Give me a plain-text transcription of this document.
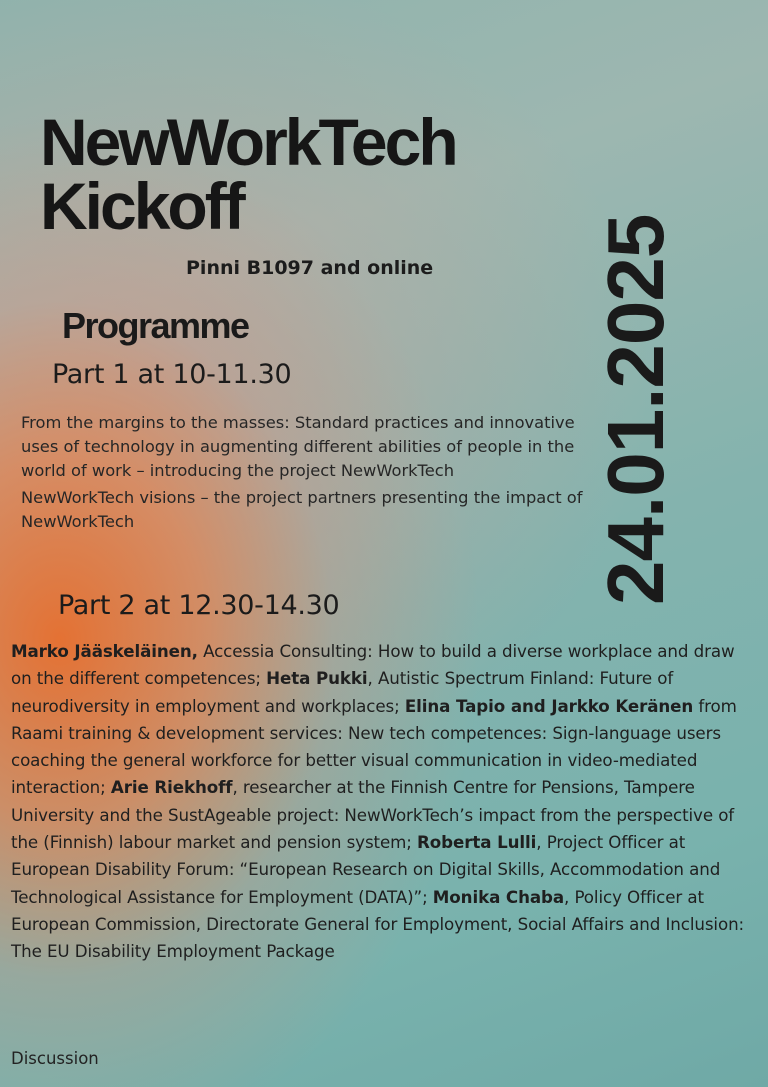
NewWorkTech
Kickoff
Pinni B1097 and online 24.01.2025
Programme
Part 1 at 10-11.30

From the margins to the masses: Standard practices and innovative uses of technology in augmenting different abilities of people in the world of work – introducing the project NewWorkTech

NewWorkTech visions – the project partners presenting the impact of NewWorkTech

Part 2 at 12.30-14.30
Marko Jääskeläinen, Accessia Consulting: How to build a diverse workplace and draw on the different competences; Heta Pukki, Autistic Spectrum Finland: Future of neurodiversity in employment and workplaces; Elina Tapio and Jarkko Keränen from Raami training & development services: New tech competences: Sign-language users coaching the general workforce for better visual communication in video-mediated interaction; Arie Riekhoff, researcher at the Finnish Centre for Pensions, Tampere University and the SustAgeable project: NewWorkTech’s impact from the perspective of the (Finnish) labour market and pension system; Roberta Lulli, Project Officer at European Disability Forum: “European Research on Digital Skills, Accommodation and Technological Assistance for Employment (DATA)”; Monika Chaba, Policy Officer at European Commission, Directorate General for Employment, Social Affairs and Inclusion: The EU Disability Employment Package
Discussion
